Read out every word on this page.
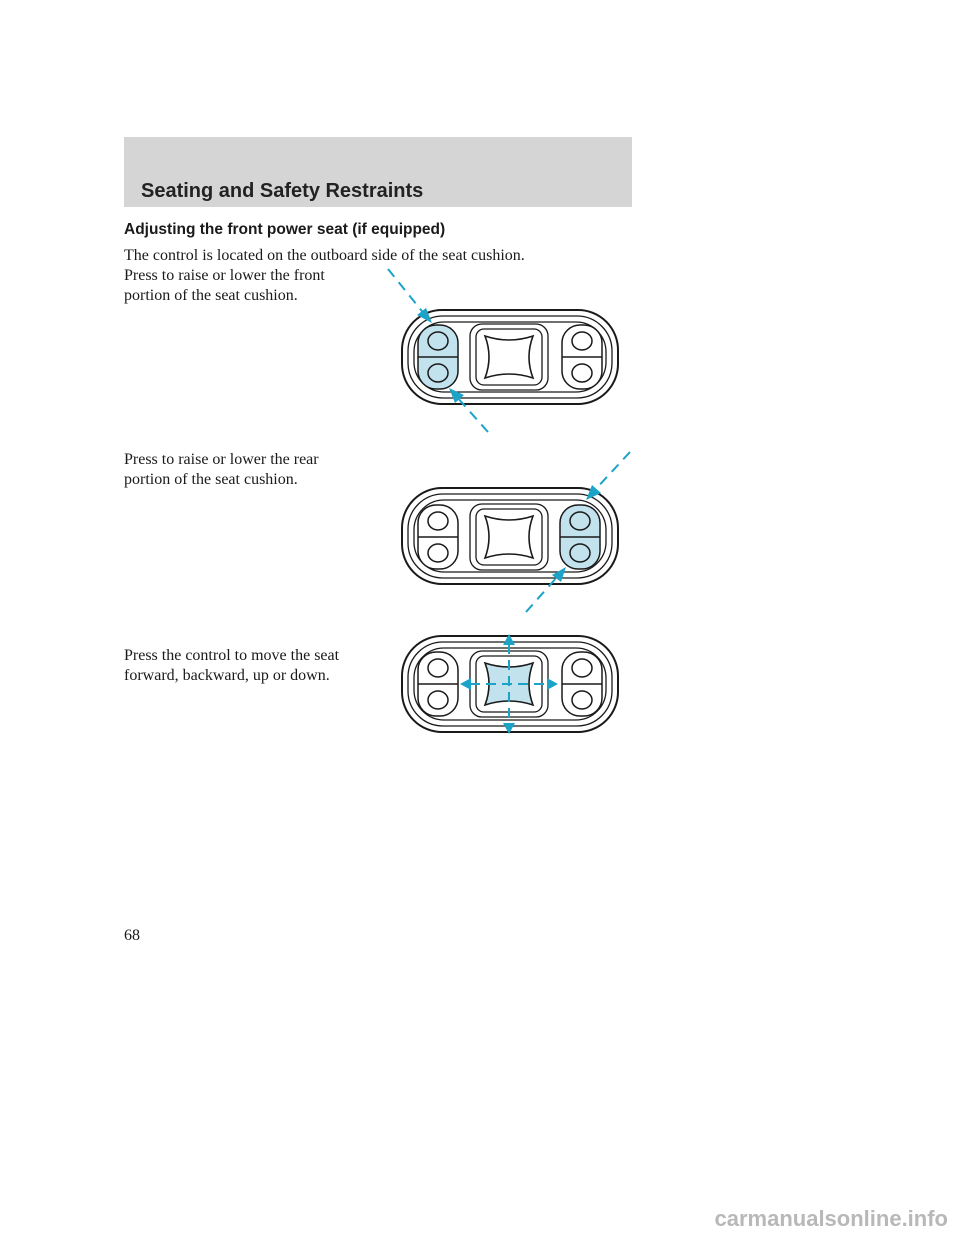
Seating and Safety Restraints
Adjusting the front power seat (if equipped)

The control is located on the outboard side of the seat cushion.

Press to raise or lower the front
portion of the seat cushion.

Press to raise or lower the rear
portion of the seat cushion.

Press the control to move the seat
forward, backward, up or down.

68

carmanualsonline.info
